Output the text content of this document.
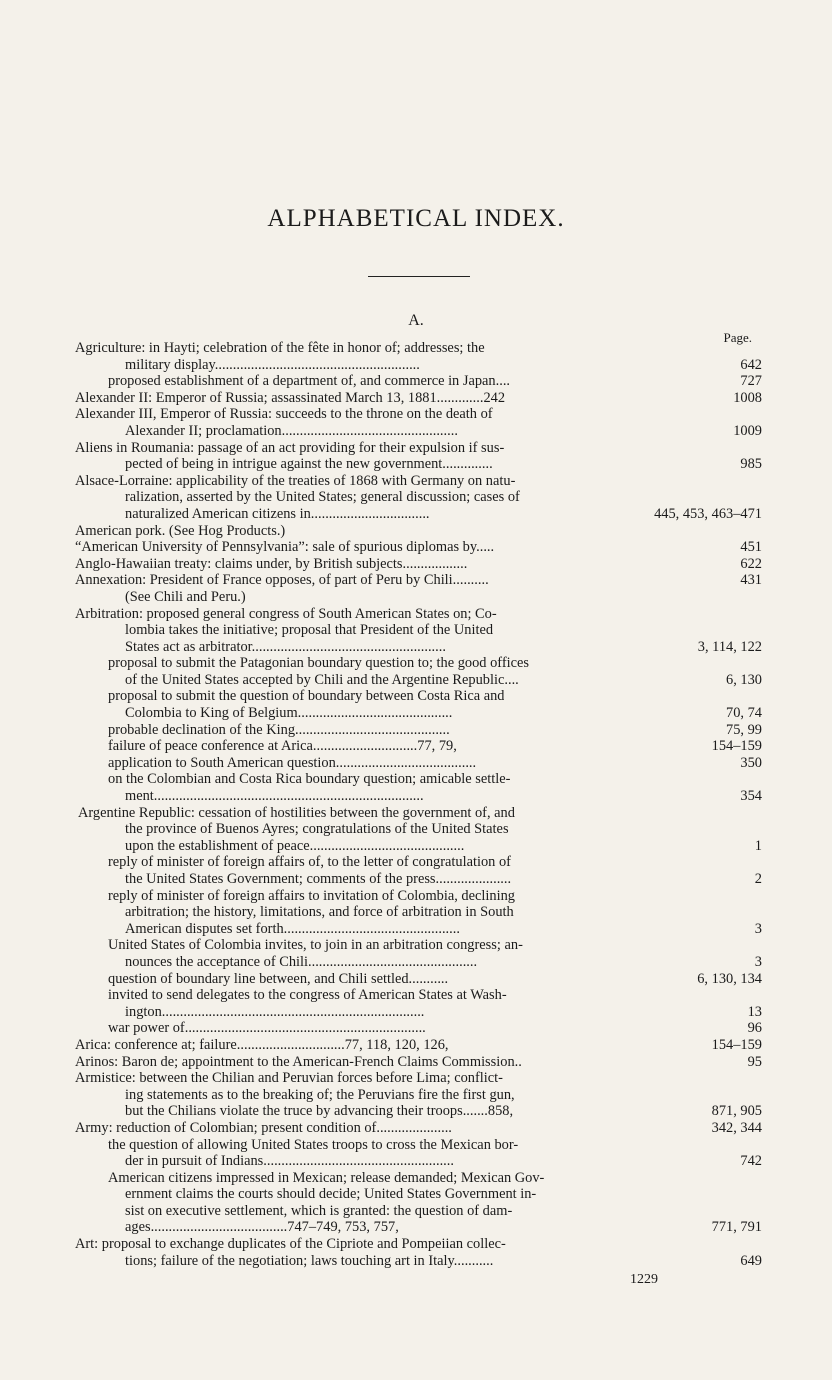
ALPHABETICAL INDEX.
A.
Page.
Agriculture: in Hayti; celebration of the fête in honor of; addresses; the
military display.........................................................	642
proposed establishment of a department of, and commerce in Japan....	727
Alexander II: Emperor of Russia; assassinated March 13, 1881.............242	1008
Alexander III, Emperor of Russia: succeeds to the throne on the death of
Alexander II; proclamation.................................................	1009
Aliens in Roumania: passage of an act providing for their expulsion if sus-
pected of being in intrigue against the new government..............	985
Alsace-Lorraine: applicability of the treaties of 1868 with Germany on natu-
ralization, asserted by the United States; general discussion; cases of
naturalized American citizens in.................................	445, 453, 463–471
American pork. (See Hog Products.)
“American University of Pennsylvania”: sale of spurious diplomas by.....	451
Anglo-Hawaiian treaty: claims under, by British subjects..................	622
Annexation: President of France opposes, of part of Peru by Chili..........	431
(See Chili and Peru.)
Arbitration: proposed general congress of South American States on; Co-
lombia takes the initiative; proposal that President of the United
States act as arbitrator......................................................	3, 114, 122
proposal to submit the Patagonian boundary question to; the good offices
of the United States accepted by Chili and the Argentine Republic....	6, 130
proposal to submit the question of boundary between Costa Rica and
Colombia to King of Belgium...........................................	70, 74
probable declination of the King...........................................	75, 99
failure of peace conference at Arica.............................77, 79,	154–159
application to South American question.......................................	350
on the Colombian and Costa Rica boundary question; amicable settle-
ment...........................................................................	354
Argentine Republic: cessation of hostilities between the government of, and
the province of Buenos Ayres; congratulations of the United States
upon the establishment of peace...........................................	1
reply of minister of foreign affairs of, to the letter of congratulation of
the United States Government; comments of the press.....................	2
reply of minister of foreign affairs to invitation of Colombia, declining
arbitration; the history, limitations, and force of arbitration in South
American disputes set forth.................................................	3
United States of Colombia invites, to join in an arbitration congress; an-
nounces the acceptance of Chili...............................................	3
question of boundary line between, and Chili settled...........	6, 130, 134
invited to send delegates to the congress of American States at Wash-
ington.........................................................................	13
war power of...................................................................	96
Arica: conference at; failure..............................77, 118, 120, 126,	154–159
Arinos: Baron de; appointment to the American-French Claims Commission..	95
Armistice: between the Chilian and Peruvian forces before Lima; conflict-
ing statements as to the breaking of; the Peruvians fire the first gun,
but the Chilians violate the truce by advancing their troops.......858,	871, 905
Army: reduction of Colombian; present condition of.....................	342, 344
the question of allowing United States troops to cross the Mexican bor-
der in pursuit of Indians.....................................................	742
American citizens impressed in Mexican; release demanded; Mexican Gov-
ernment claims the courts should decide; United States Government in-
sist on executive settlement, which is granted: the question of dam-
ages......................................747–749, 753, 757,	771, 791
Art: proposal to exchange duplicates of the Cipriote and Pompeiian collec-
tions; failure of the negotiation; laws touching art in Italy...........	649
1229
